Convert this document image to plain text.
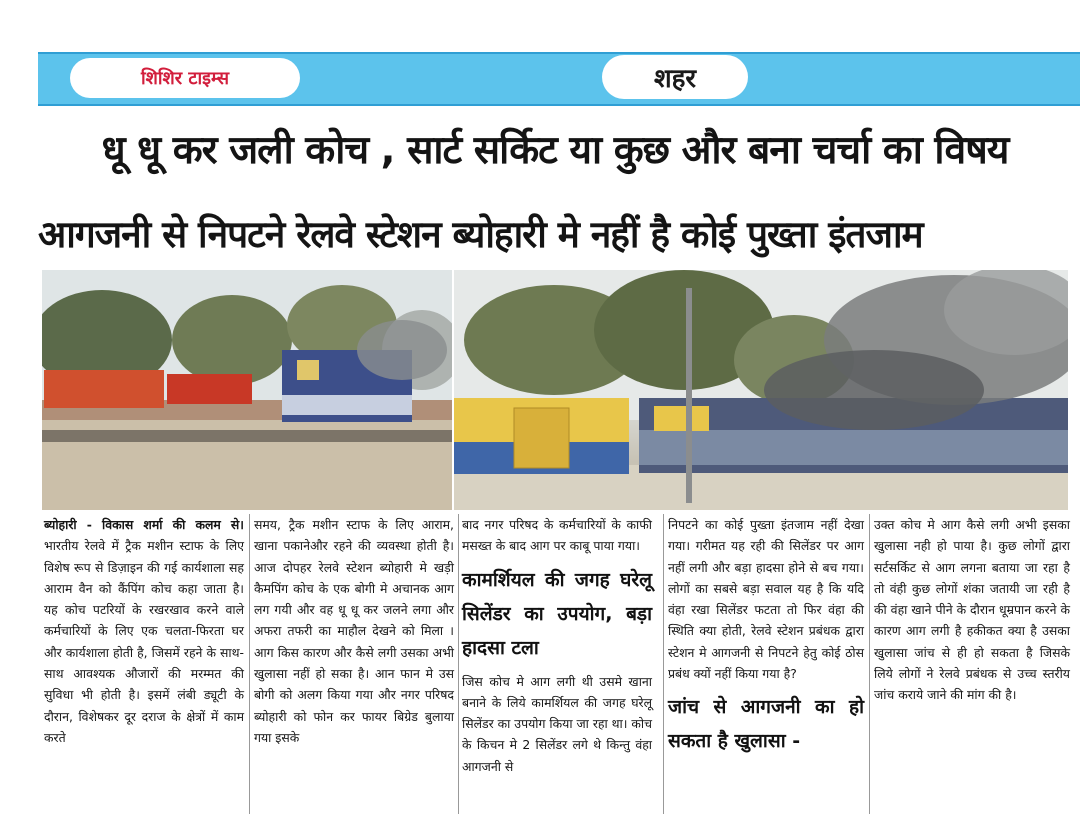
शिशिर टाइम्स	शहर
धू धू कर जली कोच , सार्ट सर्किट या कुछ और बना चर्चा का विषय
आगजनी से निपटने रेलवे स्टेशन ब्योहारी मे नहीं है कोई पुख्ता इंतजाम
ब्योहारी - विकास शर्मा की कलम से। भारतीय रेलवे में ट्रैक मशीन स्टाफ के लिए विशेष रूप से डिज़ाइन की गई कार्यशाला सह आराम वैन को कैंपिंग कोच कहा जाता है। यह कोच पटरियों के रखरखाव करने वाले कर्मचारियों के लिए एक चलता-फिरता घर और कार्यशाला होती है, जिसमें रहने के साथ-साथ आवश्यक औजारों की मरम्मत की सुविधा भी होती है। इसमें लंबी ड्यूटी के दौरान, विशेषकर दूर दराज के क्षेत्रों में काम करते
समय, ट्रैक मशीन स्टाफ के लिए आराम, खाना पकानेऔर रहने की व्यवस्था होती है। आज दोपहर रेलवे स्टेशन ब्योहारी मे खड़ी कैमपिंग कोच के एक बोगी मे अचानक आग लग गयी और वह धू धू कर जलने लगा और अफरा तफरी का माहौल देखने को मिला । आग किस कारण और कैसे लगी उसका अभी खुलासा नहीं हो सका है। आन फान मे उस बोगी को अलग किया गया और नगर परिषद ब्योहारी को फोन कर फायर बिग्रेड बुलाया गया इसके
बाद नगर परिषद के कर्मचारियों के काफी मसख्त के बाद आग पर काबू पाया गया।
कामर्शियल की जगह घरेलू सिलेंडर का उपयोग, बड़ा हादसा टला
जिस कोच मे आग लगी थी उसमे खाना बनाने के लिये कामर्शियल की जगह घरेलू सिलेंडर का उपयोग किया जा रहा था। कोच के किचन मे 2 सिलेंडर लगे थे किन्तु वंहा आगजनी से
निपटने का कोई पुख्ता इंतजाम नहीं देखा गया। गरीमत यह रही की सिलेंडर पर आग नहीं लगी और बड़ा हादसा होने से बच गया। लोगों का सबसे बड़ा सवाल यह है कि यदि वंहा रखा सिलेंडर फटता तो फिर वंहा की स्थिति क्या होती, रेलवे स्टेशन प्रबंधक द्वारा स्टेशन मे आगजनी से निपटने हेतु कोई ठोस प्रबंध क्यों नहीं किया गया है?
जांच से आगजनी का हो सकता है खुलासा -
उक्त कोच मे आग कैसे लगी अभी इसका खुलासा नही हो पाया है। कुछ लोगों द्वारा सर्टसर्किट से आग लगना बताया जा रहा है तो वंही कुछ लोगों शंका जतायी जा रही है की वंहा खाने पीने के दौरान धूम्रपान करने के कारण आग लगी है हकीकत क्या है उसका खुलासा जांच से ही हो सकता है जिसके लिये लोगों ने रेलवे प्रबंधक से उच्च स्तरीय जांच कराये जाने की मांग की है।
